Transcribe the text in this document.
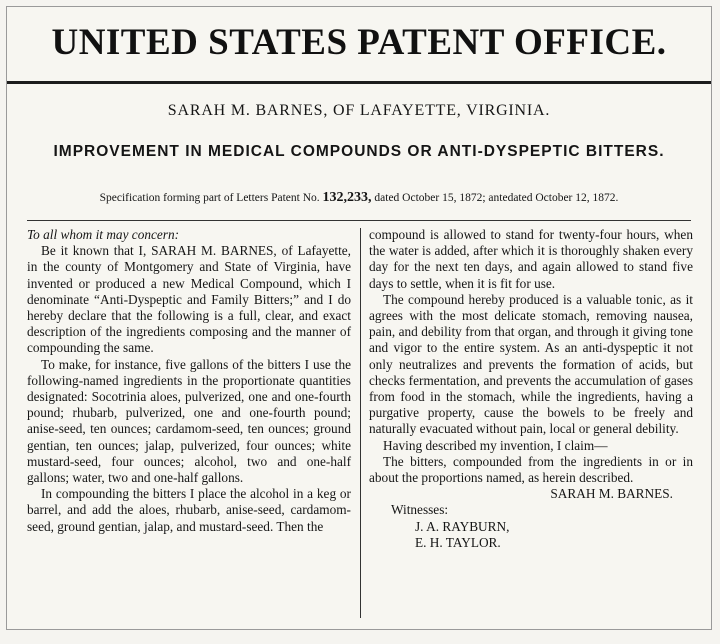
UNITED STATES PATENT OFFICE.
SARAH M. BARNES, OF LAFAYETTE, VIRGINIA.
IMPROVEMENT IN MEDICAL COMPOUNDS OR ANTI-DYSPEPTIC BITTERS.
Specification forming part of Letters Patent No. 132,233, dated October 15, 1872; antedated October 12, 1872.

To all whom it may concern:

Be it known that I, SARAH M. BARNES, of Lafayette, in the county of Montgomery and State of Virginia, have invented or produced a new Medical Compound, which I denominate “Anti-Dyspeptic and Family Bitters;” and I do hereby declare that the following is a full, clear, and exact description of the ingredients composing and the manner of compounding the same.

To make, for instance, five gallons of the bitters I use the following-named ingredients in the proportionate quantities designated: Socotrinia aloes, pulverized, one and one-fourth pound; rhubarb, pulverized, one and one-fourth pound; anise-seed, ten ounces; cardamom-seed, ten ounces; ground gentian, ten ounces; jalap, pulverized, four ounces; white mustard-seed, four ounces; alcohol, two and one-half gallons; water, two and one-half gallons.

In compounding the bitters I place the alcohol in a keg or barrel, and add the aloes, rhubarb, anise-seed, cardamom-seed, ground gentian, jalap, and mustard-seed. Then the

compound is allowed to stand for twenty-four hours, when the water is added, after which it is thoroughly shaken every day for the next ten days, and again allowed to stand five days to settle, when it is fit for use.

The compound hereby produced is a valuable tonic, as it agrees with the most delicate stomach, removing nausea, pain, and debility from that organ, and through it giving tone and vigor to the entire system. As an anti-dyspeptic it not only neutralizes and prevents the formation of acids, but checks fermentation, and prevents the accumulation of gases from food in the stomach, while the ingredients, having a purgative property, cause the bowels to be freely and naturally evacuated without pain, local or general debility.

Having described my invention, I claim—

The bitters, compounded from the ingredients in or in about the proportions named, as herein described.

SARAH M. BARNES.

Witnesses:

J. A. RAYBURN,

E. H. TAYLOR.
